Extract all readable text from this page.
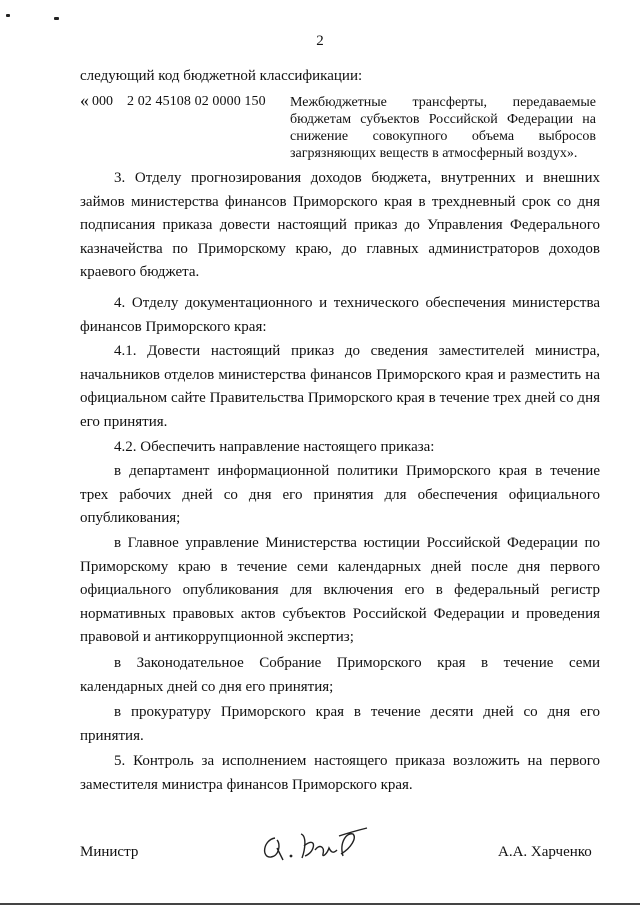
2
следующий код бюджетной классификации:
« 000 2 02 45108 02 0000 150 Межбюджетные трансферты, передаваемые бюджетам субъектов Российской Федерации на снижение совокупного объема выбросов загрязняющих веществ в атмосферный воздух».
3. Отделу прогнозирования доходов бюджета, внутренних и внешних займов министерства финансов Приморского края в трехдневный срок со дня подписания приказа довести настоящий приказ до Управления Федерального казначейства по Приморскому краю, до главных администраторов доходов краевого бюджета.
4. Отделу документационного и технического обеспечения министерства финансов Приморского края:
4.1. Довести настоящий приказ до сведения заместителей министра, начальников отделов министерства финансов Приморского края и разместить на официальном сайте Правительства Приморского края в течение трех дней со дня его принятия.
4.2. Обеспечить направление настоящего приказа:
в департамент информационной политики Приморского края в течение трех рабочих дней со дня его принятия для обеспечения официального опубликования;
в Главное управление Министерства юстиции Российской Федерации по Приморскому краю в течение семи календарных дней после дня первого официального опубликования для включения его в федеральный регистр нормативных правовых актов субъектов Российской Федерации и проведения правовой и антикоррупционной экспертиз;
в Законодательное Собрание Приморского края в течение семи календарных дней со дня его принятия;
в прокуратуру Приморского края в течение десяти дней со дня его принятия.
5. Контроль за исполнением настоящего приказа возложить на первого заместителя министра финансов Приморского края.
Министр	А.А. Харченко
